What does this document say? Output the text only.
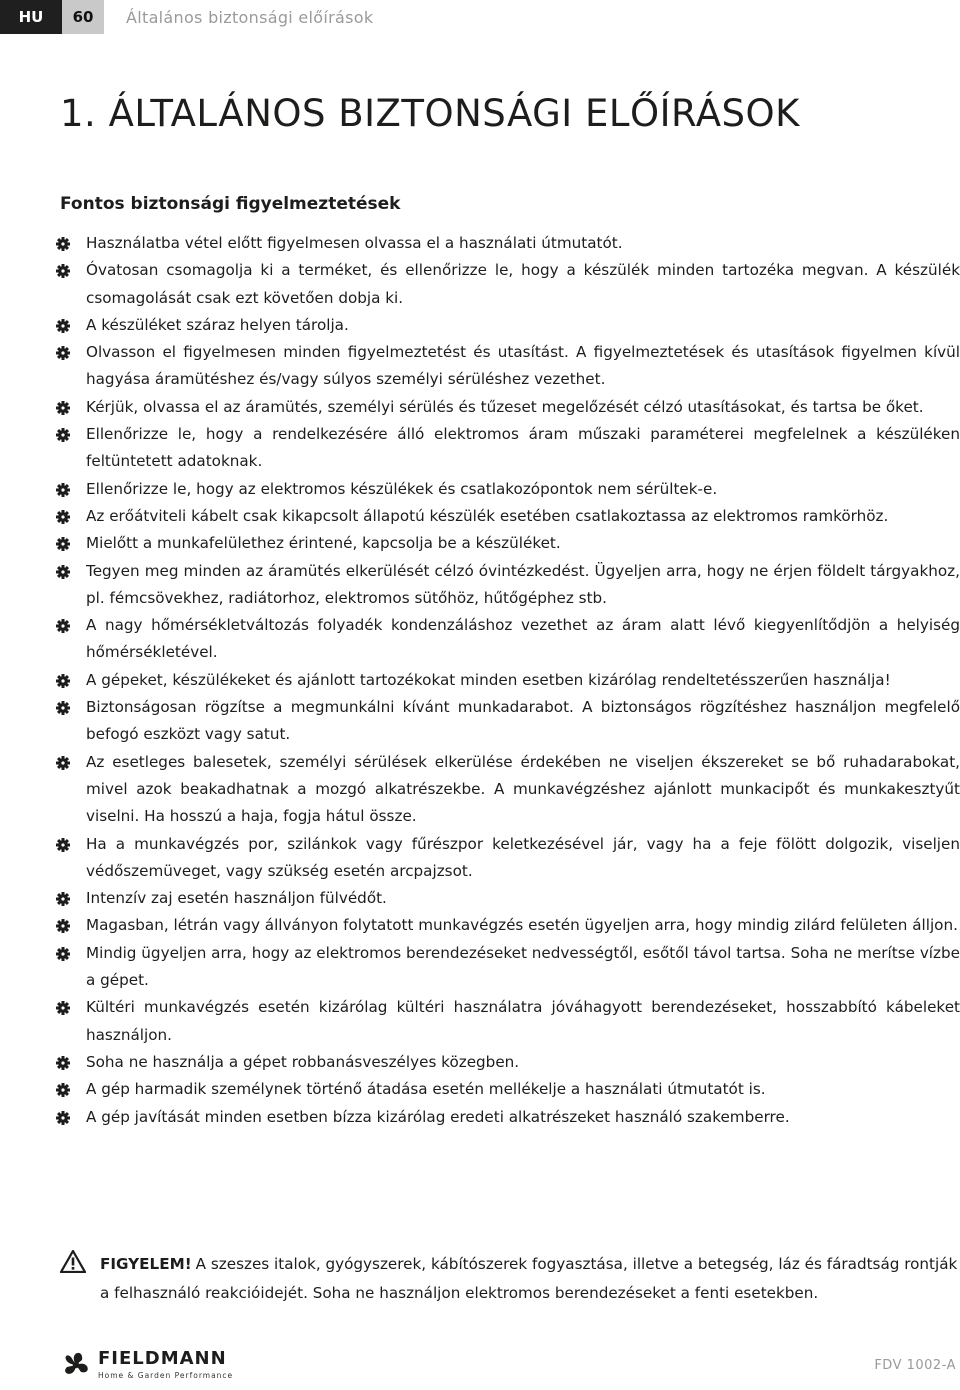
HU	60	Általános biztonsági előírások
1. ÁLTALÁNOS BIZTONSÁGI ELŐÍRÁSOK
Fontos biztonsági figyelmeztetések
Használatba vétel előtt figyelmesen olvassa el a használati útmutatót.
Óvatosan csomagolja ki a terméket, és ellenőrizze le, hogy a készülék minden tartozéka megvan. A készülék csomagolását csak ezt követően dobja ki.
A készüléket száraz helyen tárolja.
Olvasson el figyelmesen minden figyelmeztetést és utasítást. A figyelmeztetések és utasítások figyelmen kívül hagyása áramütéshez és/vagy súlyos személyi sérüléshez vezethet.
Kérjük, olvassa el az áramütés, személyi sérülés és tűzeset megelőzését célzó utasításokat, és tartsa be őket.
Ellenőrizze le, hogy a rendelkezésére álló elektromos áram műszaki paraméterei megfelelnek a készüléken feltüntetett adatoknak.
Ellenőrizze le, hogy az elektromos készülékek és csatlakozópontok nem sérültek-e.
Az erőátviteli kábelt csak kikapcsolt állapotú készülék esetében csatlakoztassa az elektromos ramkörhöz.
Mielőtt a munkafelülethez érintené, kapcsolja be a készüléket.
Tegyen meg minden az áramütés elkerülését célzó óvintézkedést. Ügyeljen arra, hogy ne érjen földelt tárgyakhoz, pl. fémcsövekhez, radiátorhoz, elektromos sütőhöz, hűtőgéphez stb.
A nagy hőmérsékletváltozás folyadék kondenzáláshoz vezethet az áram alatt lévő kiegyenlítődjön a helyiség hőmérsékletével.
A gépeket, készülékeket és ajánlott tartozékokat minden esetben kizárólag rendeltetésszerűen használja!
Biztonságosan rögzítse a megmunkálni kívánt munkadarabot. A biztonságos rögzítéshez használjon megfelelő befogó eszközt vagy satut.
Az esetleges balesetek, személyi sérülések elkerülése érdekében ne viseljen ékszereket se bő ruhadarabokat, mivel azok beakadhatnak a mozgó alkatrészekbe. A munkavégzéshez ajánlott munkacipőt és munkakesztyűt viselni. Ha hosszú a haja, fogja hátul össze.
Ha a munkavégzés por, szilánkok vagy fűrészpor keletkezésével jár, vagy ha a feje fölött dolgozik, viseljen védőszemüveget, vagy szükség esetén arcpajzsot.
Intenzív zaj esetén használjon fülvédőt.
Magasban, létrán vagy állványon folytatott munkavégzés esetén ügyeljen arra, hogy mindig zilárd felületen álljon.
Mindig ügyeljen arra, hogy az elektromos berendezéseket nedvességtől, esőtől távol tartsa. Soha ne merítse vízbe a gépet.
Kültéri munkavégzés esetén kizárólag kültéri használatra jóváhagyott berendezéseket, hosszabbító kábeleket használjon.
Soha ne használja a gépet robbanásveszélyes közegben.
A gép harmadik személynek történő átadása esetén mellékelje a használati útmutatót is.
A gép javítását minden esetben bízza kizárólag eredeti alkatrészeket használó szakemberre.
FIGYELEM! A szeszes italok, gyógyszerek, kábítószerek fogyasztása, illetve a betegség, láz és fáradtság rontják a felhasználó reakcióidejét. Soha ne használjon elektromos berendezéseket a fenti esetekben.
FIELDMANN
Home & Garden Performance
FDV 1002-A
